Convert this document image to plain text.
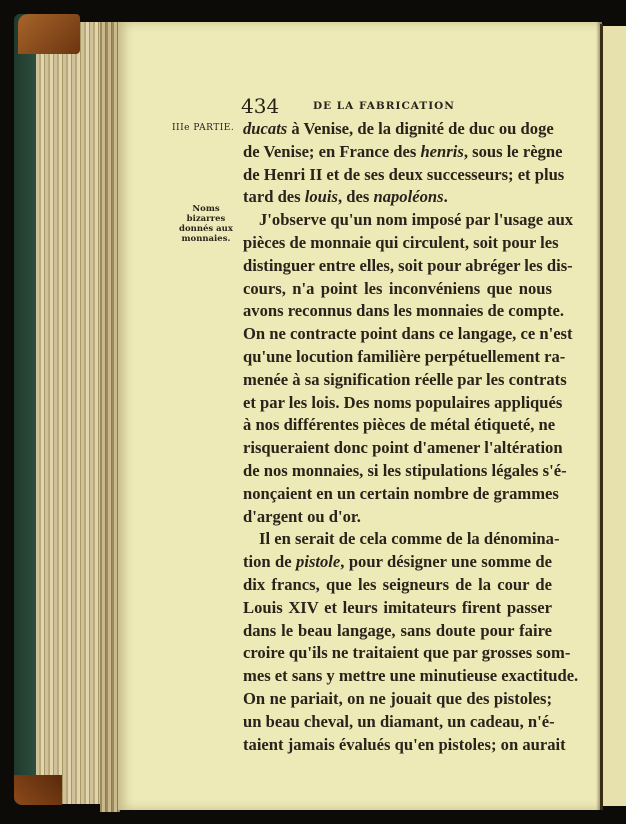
434	DE LA FABRICATION
IIIe PARTIE.
Noms bizarres
donnés aux
monnaies.
ducats à Venise, de la dignité de duc ou doge
de Venise; en France des henris, sous le règne
de Henri II et de ses deux successeurs; et plus
tard des louis, des napoléons.
J'observe qu'un nom imposé par l'usage aux
pièces de monnaie qui circulent, soit pour les
distinguer entre elles, soit pour abréger les dis-
cours, n'a point les inconvéniens que nous
avons reconnus dans les monnaies de compte.
On ne contracte point dans ce langage, ce n'est
qu'une locution familière perpétuellement ra-
menée à sa signification réelle par les contrats
et par les lois. Des noms populaires appliqués
à nos différentes pièces de métal étiqueté, ne
risqueraient donc point d'amener l'altération
de nos monnaies, si les stipulations légales s'é-
nonçaient en un certain nombre de grammes
d'argent ou d'or.
Il en serait de cela comme de la dénomina-
tion de pistole, pour désigner une somme de
dix francs, que les seigneurs de la cour de
Louis XIV et leurs imitateurs firent passer
dans le beau langage, sans doute pour faire
croire qu'ils ne traitaient que par grosses som-
mes et sans y mettre une minutieuse exactitude.
On ne pariait, on ne jouait que des pistoles;
un beau cheval, un diamant, un cadeau, n'é-
taient jamais évalués qu'en pistoles; on aurait
